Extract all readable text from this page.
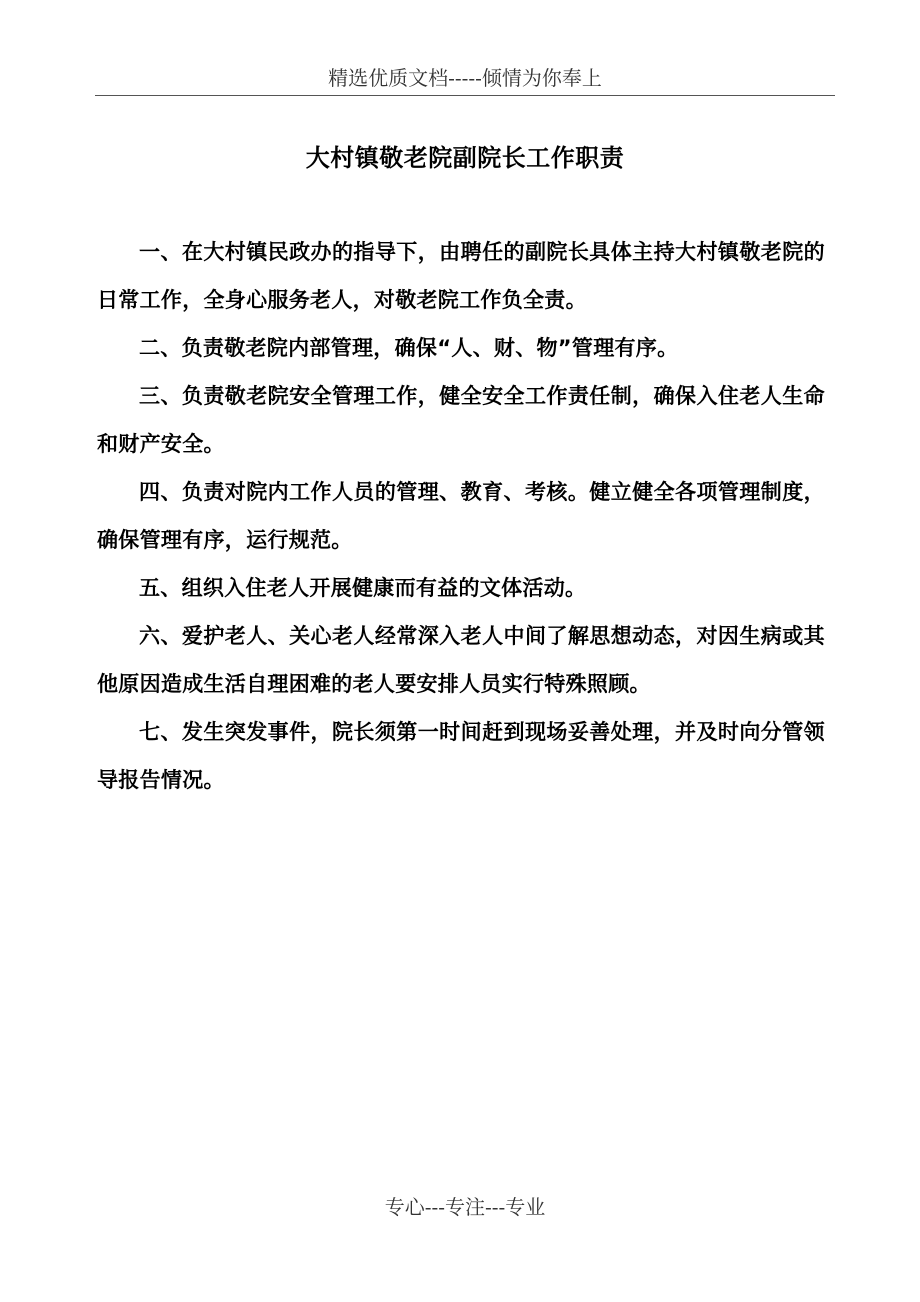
精选优质文档-----倾情为你奉上
大村镇敬老院副院长工作职责

一、在大村镇民政办的指导下，由聘任的副院长具体主持大村镇敬老院的日常工作，全身心服务老人，对敬老院工作负全责。

二、负责敬老院内部管理，确保“人、财、物”管理有序。

三、负责敬老院安全管理工作，健全安全工作责任制，确保入住老人生命和财产安全。

四、负责对院内工作人员的管理、教育、考核。健立健全各项管理制度，确保管理有序，运行规范。

五、组织入住老人开展健康而有益的文体活动。

六、爱护老人、关心老人经常深入老人中间了解思想动态，对因生病或其他原因造成生活自理困难的老人要安排人员实行特殊照顾。

七、发生突发事件，院长须第一时间赶到现场妥善处理，并及时向分管领导报告情况。

专心---专注---专业
